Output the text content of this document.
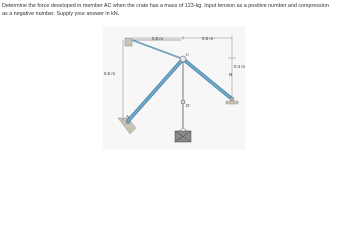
Determine the force developed in member AC when the crate has a mass of 123-kg. Input tension as a positive number and compression

as a negative number. Supply your answer in kN.

0.8 m	0.6 m
0.4 m
0.6 m
A
B
C
D
